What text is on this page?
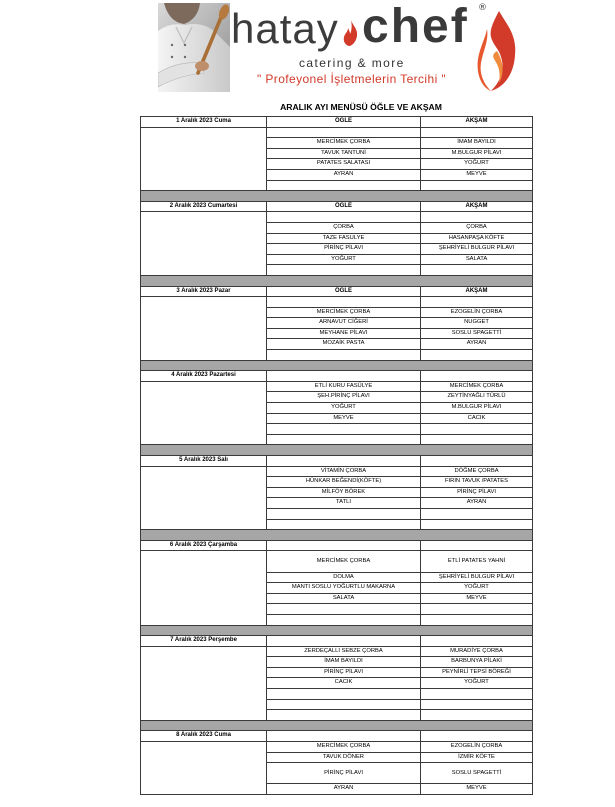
hatay chef ®
catering & more
" Profeyonel İşletmelerin Tercihi "
ARALIK AYI MENÜSÜ ÖĞLE VE AKŞAM
1 Aralık 2023 Cuma	ÖĞLE	AKŞAM
MERCİMEK ÇORBA	İMAM BAYILDI
TAVUK TANTUNİ	M.BULGUR PİLAVI
PATATES SALATASI	YOĞURT
AYRAN	MEYVE
2 Aralık 2023 Cumartesi	ÖĞLE	AKŞAM
ÇORBA	ÇORBA
TAZE FASULYE	HASANPAŞA KÖFTE
PİRİNÇ PİLAVI	ŞEHRİYELİ BULGUR PİLAVI
YOĞURT	SALATA
3 Aralık 2023 Pazar	ÖĞLE	AKŞAM
MERCİMEK ÇORBA	EZOGELİN ÇORBA
ARNAVUT CİĞERİ	NUGGET
MEYHANE PİLAVI	SOSLU SPAGETTİ
MOZAİK PASTA	AYRAN
4 Aralık 2023 Pazartesi
ETLİ KURU FASÜLYE	MERCİMEK ÇORBA
ŞEH.PİRİNÇ PİLAVI	ZEYTİNYAĞLI TÜRLÜ
YOĞURT	M.BULGUR PİLAVI
MEYVE	CACIK
5 Aralık 2023 Salı
VİTAMİN ÇORBA	DÖĞME ÇORBA
HÜNKAR BEĞENDİ(KÖFTE)	FIRIN TAVUK /PATATES
MİLFÖY BÖREK	PİRİNÇ PİLAVI
TATLI	AYRAN
6 Aralık 2023 Çarşamba
MERCİMEK ÇORBA	ETLİ PATATES YAHNİ
DOLMA	ŞEHRİYELİ BULGUR PİLAVI
MANTI SOSLU YOĞURTLU MAKARNA	YOĞURT
SALATA	MEYVE
7 Aralık 2023 Perşembe
ZERDEÇALLI SEBZE ÇORBA	MURADİYE ÇORBA
İMAM BAYILDI	BARBUNYA PİLAKİ
PİRİNÇ PİLAVI	PEYNİRLİ TEPSİ BÖREĞİ
CACIK	YOĞURT
8 Aralık 2023 Cuma
MERCİMEK ÇORBA	EZOGELİN ÇORBA
TAVUK DÖNER	İZMİR KÖFTE
PİRİNÇ PİLAVI	SOSLU SPAGETTİ
AYRAN	MEYVE
